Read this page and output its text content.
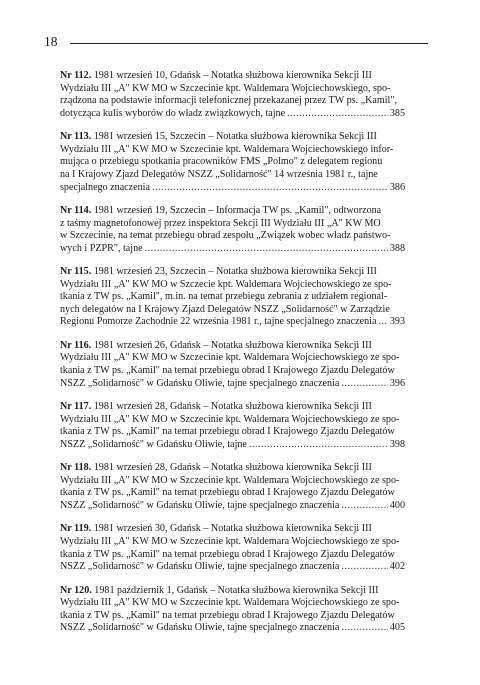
18
Nr 112. 1981 wrzesień 10, Gdańsk – Notatka służbowa kierownika Sekcji III
Wydziału III „A" KW MO w Szczecinie kpt. Waldemara Wojciechowskiego, spo-
rządzona na podstawie informacji telefonicznej przekazanej przez TW ps. „Kamil",
dotycząca kulis wyborów do władz związkowych, tajne .....	385
Nr 113. 1981 wrzesień 15, Szczecin – Notatka służbowa kierownika Sekcji III
Wydziału III „A" KW MO w Szczecinie kpt. Waldemara Wojciechowskiego infor-
mująca o przebiegu spotkania pracowników FMS „Polmo" z delegatem regionu
na I Krajowy Zjazd Delegatów NSZZ „Solidarność" 14 września 1981 r., tajne
specjalnego znaczenia .....	386
Nr 114. 1981 wrzesień 19, Szczecin – Informacja TW ps. „Kamil", odtworzona
z taśmy magnetofonowej przez inspektora Sekcji III Wydziału III „A" KW MO
w Szczecinie, na temat przebiegu obrad zespołu „Związek wobec władz państwo-
wych i PZPR", tajne .....	388
Nr 115. 1981 wrzesień 23, Szczecin – Notatka służbowa kierownika Sekcji III
Wydziału III „A" KW MO w Szczecie kpt. Waldemara Wojciechowskiego ze spo-
tkania z TW ps. „Kamil", m.in. na temat przebiegu zebrania z udziałem regional-
nych delegatów na I Krajowy Zjazd Delegatów NSZZ „Solidarność" w Zarządzie
Regionu Pomorze Zachodnie 22 września 1981 r., tajne specjalnego znaczenia ..... 393
Nr 116. 1981 wrzesień 26, Gdańsk – Notatka służbowa kierownika Sekcji III
Wydziału III „A" KW MO w Szczecinie kpt. Waldemara Wojciechowskiego ze spo-
tkania z TW ps. „Kamil" na temat przebiegu obrad I Krajowego Zjazdu Delegatów
NSZZ „Solidarność" w Gdańsku Oliwie, tajne specjalnego znaczenia .....	396
Nr 117. 1981 wrzesień 28, Gdańsk – Notatka służbowa kierownika Sekcji III
Wydziału III „A" KW MO w Szczecinie kpt. Waldemara Wojciechowskiego ze spo-
tkania z TW ps. „Kamil" na temat przebiegu obrad I Krajowego Zjazdu Delegatów
NSZZ „Solidarność" w Gdańsku Oliwie, tajne .....	398
Nr 118. 1981 wrzesień 28, Gdańsk – Notatka służbowa kierownika Sekcji III
Wydziału III „A" KW MO w Szczecinie kpt. Waldemara Wojciechowskiego ze spo-
tkania z TW ps. „Kamil" na temat przebiegu obrad I Krajowego Zjazdu Delegatów
NSZZ „Solidarność" w Gdańsku Oliwie, tajne specjalnego znaczenia .....	400
Nr 119. 1981 wrzesień 30, Gdańsk – Notatka służbowa kierownika Sekcji III
Wydziału III „A" KW MO w Szczecinie kpt. Waldemara Wojciechowskiego ze spo-
tkania z TW ps. „Kamil" na temat przebiegu obrad I Krajowego Zjazdu Delegatów
NSZZ „Solidarność" w Gdańsku Oliwie, tajne specjalnego znaczenia .....	402
Nr 120. 1981 październik 1, Gdańsk – Notatka służbowa kierownika Sekcji III
Wydziału III „A" KW MO w Szczecinie kpt. Waldemara Wojciechowskiego ze spo-
tkania z TW ps. „Kamil" na temat przebiegu obrad I Krajowego Zjazdu Delegatów
NSZZ „Solidarność" w Gdańsku Oliwie, tajne specjalnego znaczenia .....	405
